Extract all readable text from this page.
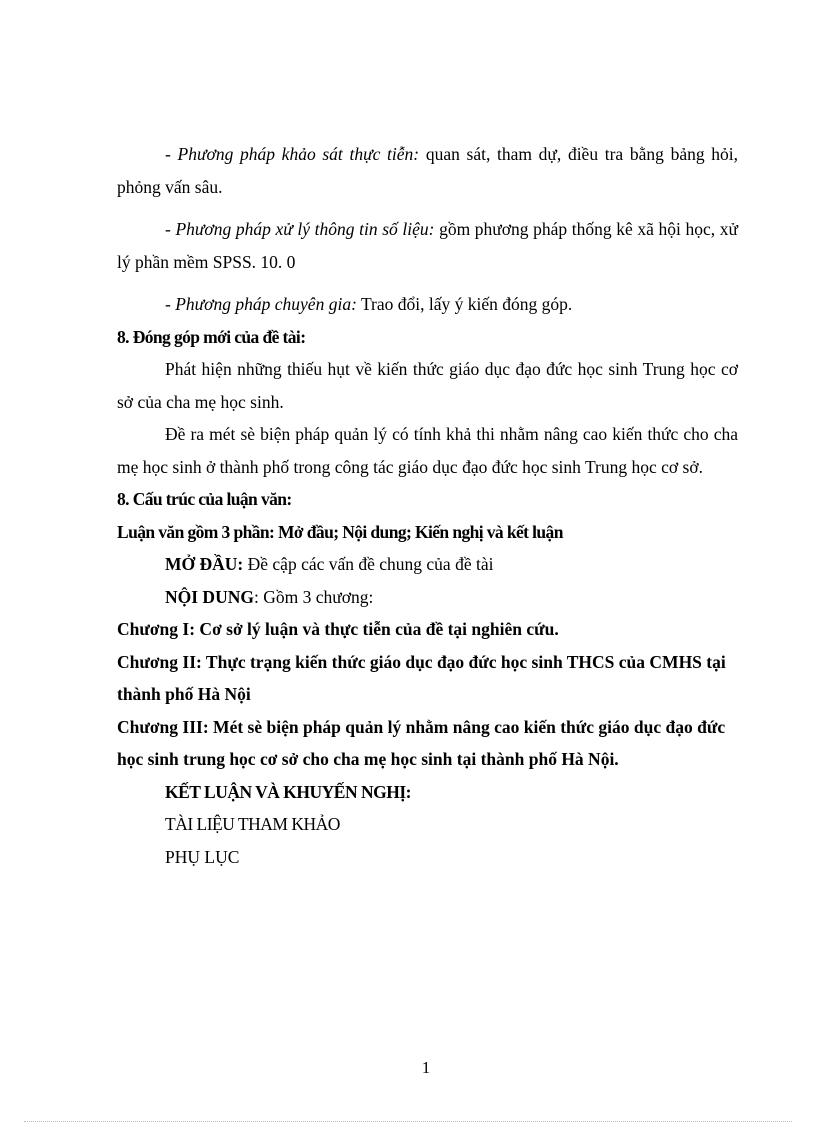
- Phương pháp khảo sát thực tiễn: quan sát, tham dự, điều tra bằng bảng hỏi, phỏng vấn sâu.

- Phương pháp xử lý thông tin số liệu: gồm phương pháp thống kê xã hội học, xử lý phần mềm SPSS. 10. 0

- Phương pháp chuyên gia: Trao đổi, lấy ý kiến đóng góp.

8. Đóng góp mới của đề tài:

Phát hiện những thiếu hụt về kiến thức giáo dục đạo đức học sinh Trung học cơ sở của cha mẹ học sinh.

Đề ra mét sè biện pháp quản lý có tính khả thi nhằm nâng cao kiến thức cho cha mẹ học sinh ở thành phố trong công tác giáo dục đạo đức học sinh Trung học cơ sở.

8. Cấu trúc của luận văn:

Luận văn gồm 3 phần: Mở đầu; Nội dung; Kiến nghị và kết luận

MỞ ĐẦU: Đề cập các vấn đề chung của đề tài

NỘI DUNG: Gồm 3 chương:

Chương I: Cơ sở lý luận và thực tiễn của đề tại nghiên cứu.

Chương II: Thực trạng kiến thức giáo dục đạo đức học sinh THCS của CMHS tại thành phố Hà Nội

Chương III: Mét sè biện pháp quản lý nhằm nâng cao kiến thức giáo dục đạo đức học sinh trung học cơ sở cho cha mẹ học sinh tại thành phố Hà Nội.

KẾT LUẬN VÀ KHUYẾN NGHỊ:

TÀI LIỆU THAM KHẢO

PHỤ LỤC

1
